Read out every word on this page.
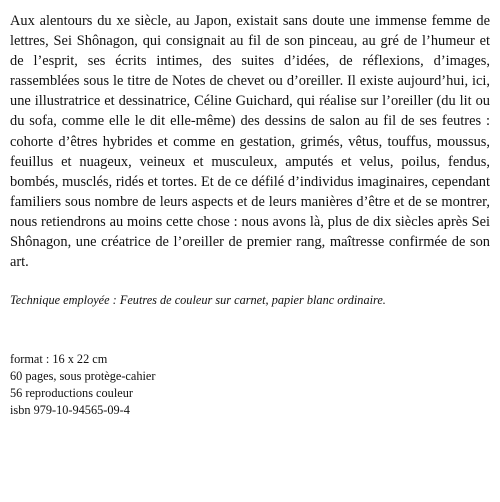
Aux alentours du xe siècle, au Japon, existait sans doute une immense femme de lettres, Sei Shônagon, qui consignait au fil de son pinceau, au gré de l’humeur et de l’esprit, ses écrits intimes, des suites d’idées, de réflexions, d’images, rassemblées sous le titre de Notes de chevet ou d’oreiller. Il existe aujourd’hui, ici, une illustratrice et dessinatrice, Céline Guichard, qui réalise sur l’oreiller (du lit ou du sofa, comme elle le dit elle-même) des dessins de salon au fil de ses feutres : cohorte d’êtres hybrides et comme en gestation, grimés, vêtus, touffus, moussus, feuillus et nuageux, veineux et musculeux, amputés et velus, poilus, fendus, bombés, musclés, ridés et tortes. Et de ce défilé d’individus imaginaires, cependant familiers sous nombre de leurs aspects et de leurs manières d’être et de se montrer, nous retiendrons au moins cette chose : nous avons là, plus de dix siècles après Sei Shônagon, une créatrice de l’oreiller de premier rang, maîtresse confirmée de son art.

Technique employée : Feutres de couleur sur carnet, papier blanc ordinaire.

format : 16 x 22 cm
60 pages, sous protège-cahier
56 reproductions couleur
isbn 979-10-94565-09-4
